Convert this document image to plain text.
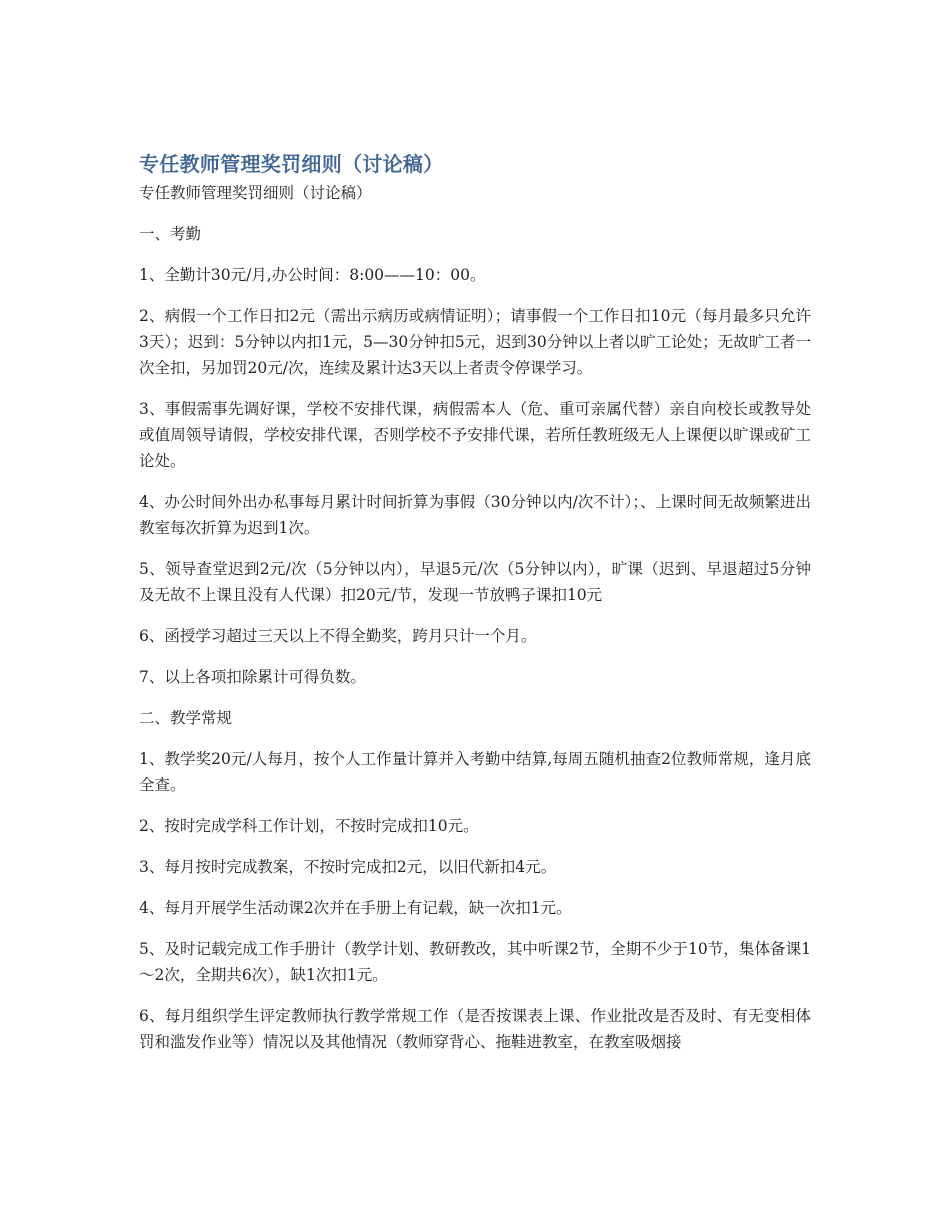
专任教师管理奖罚细则（讨论稿）

专任教师管理奖罚细则（讨论稿）

一、考勤

1、全勤计30元/月,办公时间：8:00——10：00。

2、病假一个工作日扣2元（需出示病历或病情证明）；请事假一个工作日扣10元（每月最多只允许3天）；迟到：5分钟以内扣1元，5—30分钟扣5元，迟到30分钟以上者以旷工论处；无故旷工者一次全扣，另加罚20元/次，连续及累计达3天以上者责令停课学习。

3、事假需事先调好课，学校不安排代课，病假需本人（危、重可亲属代替）亲自向校长或教导处或值周领导请假，学校安排代课，否则学校不予安排代课，若所任教班级无人上课便以旷课或矿工论处。

4、办公时间外出办私事每月累计时间折算为事假（30分钟以内/次不计）；、上课时间无故频繁进出教室每次折算为迟到1次。

5、领导查堂迟到2元/次（5分钟以内），早退5元/次（5分钟以内），旷课（迟到、早退超过5分钟及无故不上课且没有人代课）扣20元/节，发现一节放鸭子课扣10元

6、函授学习超过三天以上不得全勤奖，跨月只计一个月。

7、以上各项扣除累计可得负数。

二、教学常规

1、教学奖20元/人每月，按个人工作量计算并入考勤中结算,每周五随机抽查2位教师常规，逢月底全查。

2、按时完成学科工作计划，不按时完成扣10元。

3、每月按时完成教案，不按时完成扣2元，以旧代新扣4元。

4、每月开展学生活动课2次并在手册上有记载，缺一次扣1元。

5、及时记载完成工作手册计（教学计划、教研教改，其中听课2节，全期不少于10节，集体备课1～2次，全期共6次），缺1次扣1元。

6、每月组织学生评定教师执行教学常规工作（是否按课表上课、作业批改是否及时、有无变相体罚和滥发作业等）情况以及其他情况（教师穿背心、拖鞋进教室，在教室吸烟接
